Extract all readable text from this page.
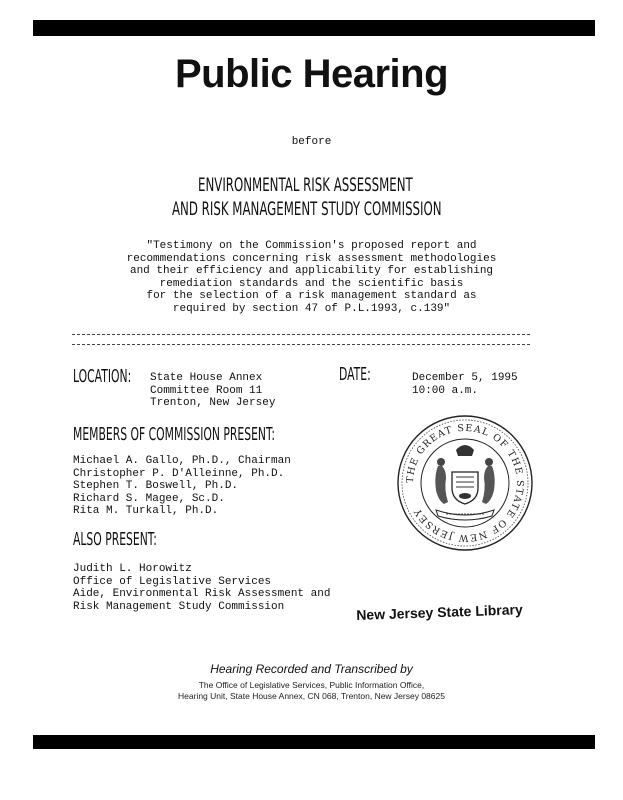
Public Hearing
before
ENVIRONMENTAL RISK ASSESSMENT
AND RISK MANAGEMENT STUDY COMMISSION
"Testimony on the Commission's proposed report and
recommendations concerning risk assessment methodologies
and their efficiency and applicability for establishing
remediation standards and the scientific basis
for the selection of a risk management standard as
required by section 47 of P.L.1993, c.139"
LOCATION:	State House Annex
Committee Room 11
Trenton, New Jersey
DATE:	December 5, 1995
10:00 a.m.
MEMBERS OF COMMISSION PRESENT:
Michael A. Gallo, Ph.D., Chairman
Christopher P. D'Alleinne, Ph.D.
Stephen T. Boswell, Ph.D.
Richard S. Magee, Sc.D.
Rita M. Turkall, Ph.D.
ALSO PRESENT:
Judith L. Horowitz
Office of Legislative Services
Aide, Environmental Risk Assessment and
Risk Management Study Commission
THE GREAT SEAL OF THE STATE OF NEW JERSEY
New Jersey State Library
Hearing Recorded and Transcribed by
The Office of Legislative Services, Public Information Office,
Hearing Unit, State House Annex, CN 068, Trenton, New Jersey 08625
